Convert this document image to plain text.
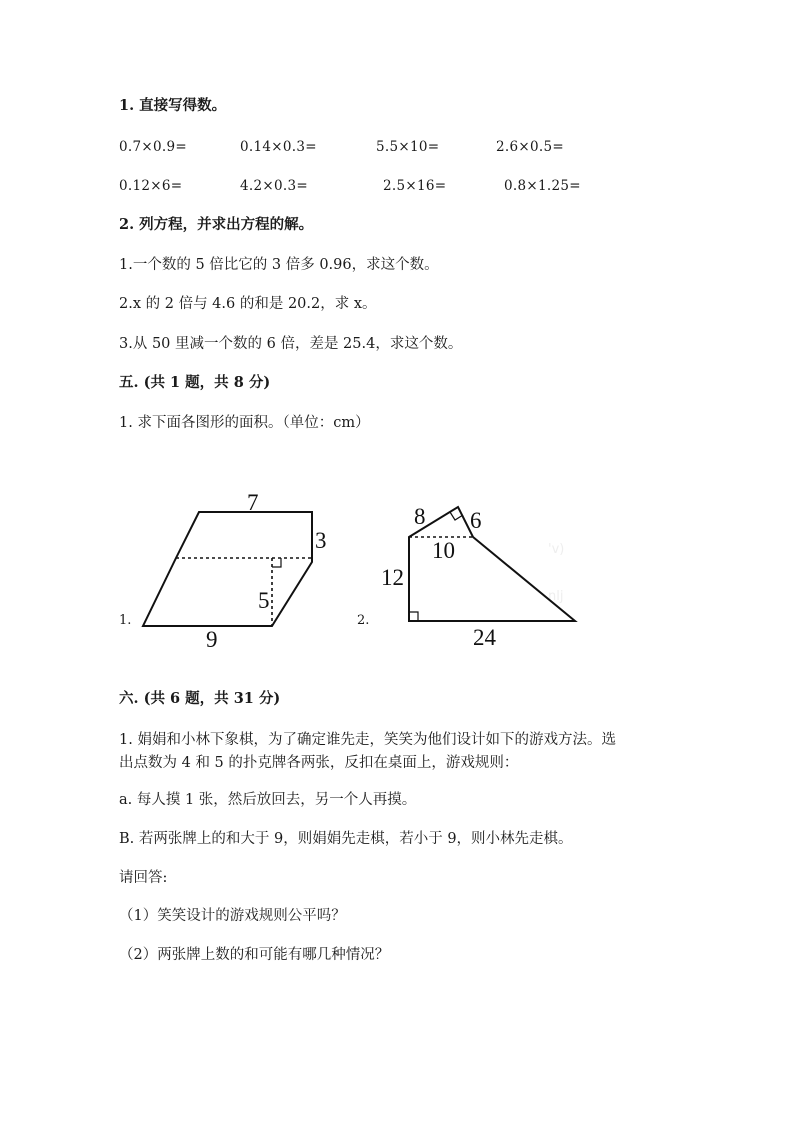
1. 直接写得数。
0.7×0.9=	0.14×0.3=	5.5×10=	2.6×0.5=
0.12×6=	4.2×0.3=	2.5×16=	0.8×1.25=
2. 列方程，并求出方程的解。
1.一个数的 5 倍比它的 3 倍多 0.96，求这个数。
2.x 的 2 倍与 4.6 的和是 20.2，求 x。
3.从 50 里减一个数的 6 倍，差是 25.4，求这个数。
五. (共 1 题，共 8 分)
1. 求下面各图形的面积。（单位：cm）
1.	2.
7
3
5
9
'v)
nlj
8 6
10
12
24
六. (共 6 题，共 31 分)
1. 娟娟和小林下象棋，为了确定谁先走，笑笑为他们设计如下的游戏方法。选
出点数为 4 和 5 的扑克牌各两张，反扣在桌面上，游戏规则：
a. 每人摸 1 张，然后放回去，另一个人再摸。
B. 若两张牌上的和大于 9，则娟娟先走棋，若小于 9，则小林先走棋。
请回答:
（1）笑笑设计的游戏规则公平吗？
（2）两张牌上数的和可能有哪几种情况？
